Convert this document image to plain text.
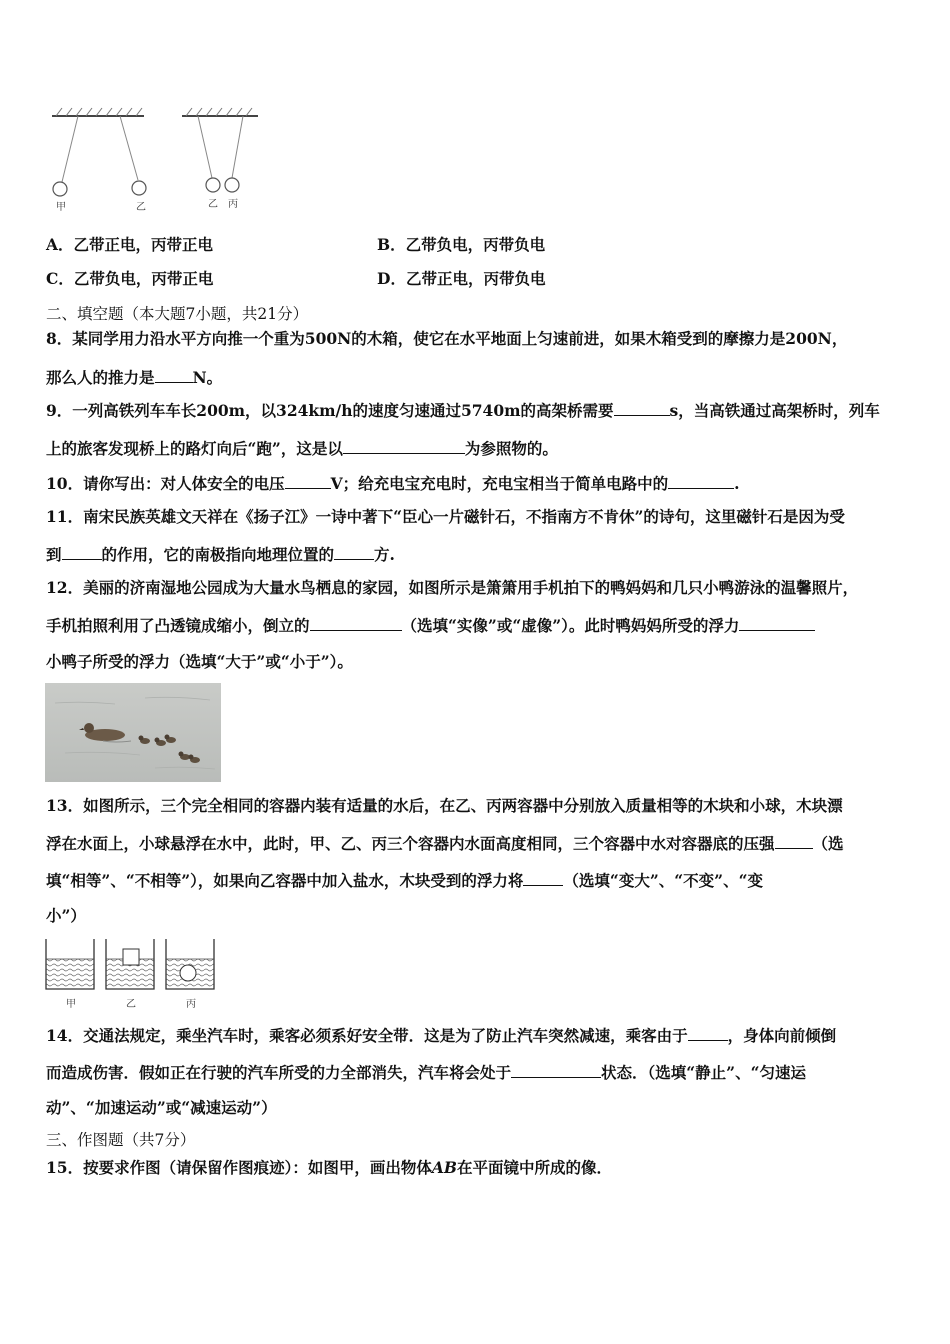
甲	乙	乙 丙
A．乙带正电，丙带正电	B．乙带负电，丙带负电
C．乙带负电，丙带正电	D．乙带正电，丙带负电
二、填空题（本大题7小题，共21分）
8．某同学用力沿水平方向推一个重为500N的木箱，使它在水平地面上匀速前进，如果木箱受到的摩擦力是200N，
那么人的推力是 N。
9．一列高铁列车车长200m，以324km/h的速度匀速通过5740m的高架桥需要	s，当高铁通过高架桥时，列车
上的旅客发现桥上的路灯向后“跑”，这是以	为参照物的。
10．请你写出：对人体安全的电压	V；给充电宝充电时，充电宝相当于简单电路中的	.
11．南宋民族英雄文天祥在《扬子江》一诗中著下“臣心一片磁针石，不指南方不肯休”的诗句，这里磁针石是因为受
到	的作用，它的南极指向地理位置的	方.
12．美丽的济南湿地公园成为大量水鸟栖息的家园，如图所示是箫箫用手机拍下的鸭妈妈和几只小鸭游泳的温馨照片，
手机拍照利用了凸透镜成缩小，倒立的	（选填“实像”或“虚像”）。此时鸭妈妈所受的浮力
小鸭子所受的浮力（选填“大于”或“小于”）。
13．如图所示，三个完全相同的容器内装有适量的水后，在乙、丙两容器中分别放入质量相等的木块和小球，木块漂
浮在水面上，小球悬浮在水中，此时，甲、乙、丙三个容器内水面高度相同，三个容器中水对容器底的压强 （选
填“相等”、“不相等”），如果向乙容器中加入盐水，木块受到的浮力将	（选填“变大”、“不变”、“变
小”）
甲	乙	丙
14．交通法规定，乘坐汽车时，乘客必须系好安全带．这是为了防止汽车突然减速，乘客由于	，身体向前倾倒
而造成伤害．假如正在行驶的汽车所受的力全部消失，汽车将会处于	状态．（选填“静止”、“匀速运
动”、“加速运动”或“减速运动”）
三、作图题（共7分）
15．按要求作图（请保留作图痕迹）：如图甲，画出物体AB在平面镜中所成的像．
